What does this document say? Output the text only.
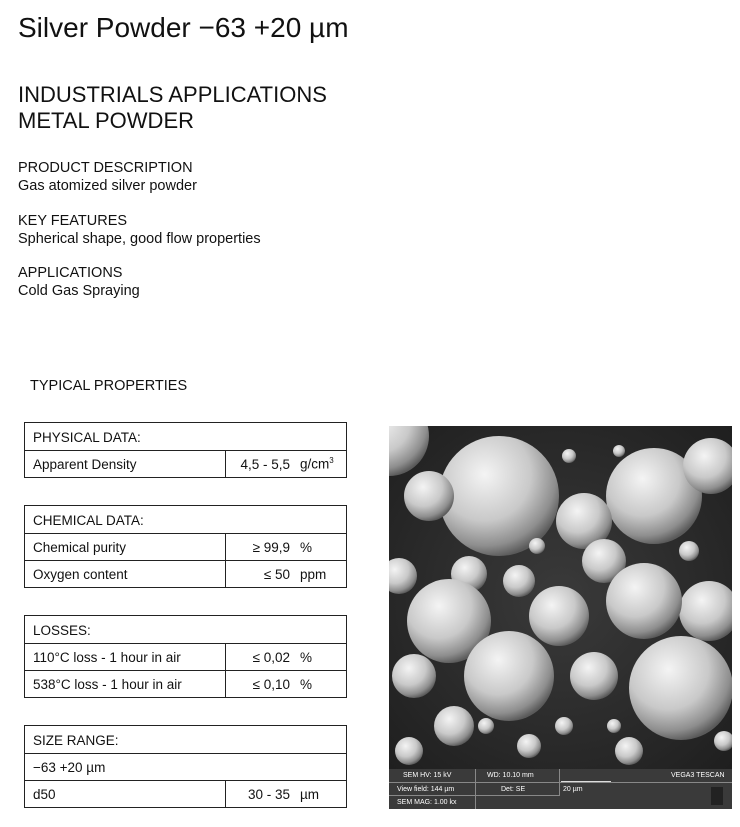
Silver Powder −63 +20 µm
INDUSTRIALS APPLICATIONS
METAL POWDER
PRODUCT DESCRIPTION
Gas atomized silver powder
KEY FEATURES
Spherical shape, good flow properties
APPLICATIONS
Cold Gas Spraying
TYPICAL PROPERTIES
PHYSICAL DATA:
Apparent Density	4,5 - 5,5	$g/cm^3$
CHEMICAL DATA:		
Chemical purity	≥ 99,9	%
Oxygen content	≤ 50	ppm
LOSSES:		
110°C loss - 1 hour in air	≤ 0,02	%
538°C loss - 1 hour in air	≤ 0,10	%
SIZE RANGE:
−63 +20 µm
d50	30 - 35	µm
SEM HV: 15 kV	WD: 10.10 mm	VEGA3 TESCAN
View field: 144 µm	Det: SE	20 µm
SEM MAG: 1.00 kx
